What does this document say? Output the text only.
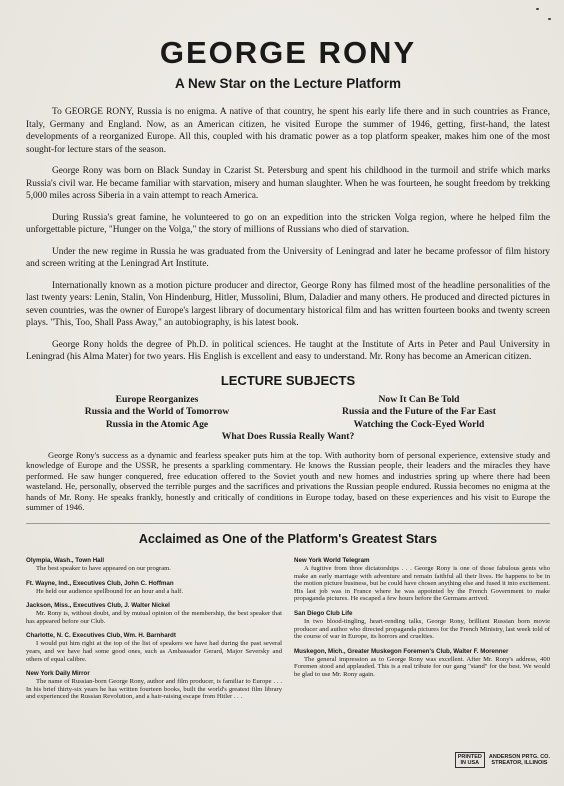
GEORGE RONY
A New Star on the Lecture Platform

To GEORGE RONY, Russia is no enigma. A native of that country, he spent his early life there and in such countries as France, Italy, Germany and England. Now, as an American citizen, he visited Europe the summer of 1946, getting, first-hand, the latest developments of a reorganized Europe. All this, coupled with his dramatic power as a top platform speaker, makes him one of the most sought-for lecture stars of the season.

George Rony was born on Black Sunday in Czarist St. Petersburg and spent his childhood in the turmoil and strife which marks Russia's civil war. He became familiar with starvation, misery and human slaughter. When he was fourteen, he sought freedom by trekking 5,000 miles across Siberia in a vain attempt to reach America.

During Russia's great famine, he volunteered to go on an expedition into the stricken Volga region, where he helped film the unforgettable picture, "Hunger on the Volga," the story of millions of Russians who died of starvation.

Under the new regime in Russia he was graduated from the University of Leningrad and later he became professor of film history and screen writing at the Leningrad Art Institute.

Internationally known as a motion picture producer and director, George Rony has filmed most of the headline personalities of the last twenty years: Lenin, Stalin, Von Hindenburg, Hitler, Mussolini, Blum, Daladier and many others. He produced and directed pictures in seven countries, was the owner of Europe's largest library of documentary historical film and has written fourteen books and twenty screen plays. "This, Too, Shall Pass Away," an autobiography, is his latest book.

George Rony holds the degree of Ph.D. in political sciences. He taught at the Institute of Arts in Peter and Paul University in Leningrad (his Alma Mater) for two years. His English is excellent and easy to understand. Mr. Rony has become an American citizen.

LECTURE SUBJECTS
Europe Reorganizes	Now It Can Be Told
Russia and the World of Tomorrow	Russia and the Future of the Far East
Russia in the Atomic Age	Watching the Cock-Eyed World
What Does Russia Really Want?

George Rony's success as a dynamic and fearless speaker puts him at the top. With authority born of personal experience, extensive study and knowledge of Europe and the USSR, he presents a sparkling commentary. He knows the Russian people, their leaders and the miracles they have performed. He saw hunger conquered, free education offered to the Soviet youth and new homes and industries spring up where there had been wasteland. He, personally, observed the terrible purges and the sacrifices and privations the Russian people endured. Russia becomes no enigma at the hands of Mr. Rony. He speaks frankly, honestly and critically of conditions in Europe today, based on these experiences and his visit to Europe the summer of 1946.

Acclaimed as One of the Platform's Greatest Stars
Olympia, Wash., Town Hall
The best speaker to have appeared on our program.
Ft. Wayne, Ind., Executives Club, John C. Hoffman
He held our audience spellbound for an hour and a half.
Jackson, Miss., Executives Club, J. Walter Nickel
Mr. Rony is, without doubt, and by mutual opinion of the membership, the best speaker that has appeared before our Club.
Charlotte, N. C. Executives Club, Wm. H. Barnhardt
I would put him right at the top of the list of speakers we have had during the past several years, and we have had some good ones, such as Ambassador Gerard, Major Seversky and others of equal calibre.
New York Daily Mirror
The name of Russian-born George Rony, author and film producer, is familiar to Europe . . . In his brief thirty-six years he has written fourteen books, built the world's greatest film library and experienced the Russian Revolution, and a hair-raising escape from Hitler . . .
New York World Telegram
A fugitive from three dictatorships . . . George Rony is one of those fabulous gents who make an early marriage with adventure and remain faithful all their lives. He happens to be in the motion picture business, but he could have chosen anything else and fused it into excitement. His last job was in France where he was appointed by the French Government to make propaganda pictures. He escaped a few hours before the Germans arrived.
San Diego Club Life
In two blood-tingling, heart-rending talks, George Rony, brilliant Russian born movie producer and author who directed propaganda pictures for the French Ministry, last week told of the course of war in Europe, its horrors and cruelties.
Muskegon, Mich., Greater Muskegon Foremen's Club, Walter F. Morenner
The general impression as to George Rony was excellent. After Mr. Rony's address, 400 Foremen stood and applauded. This is a real tribute for our gang "stand" for the best. We would be glad to use Mr. Rony again.
PRINTED
IN USA
ANDERSON PRTG. CO.
STREATOR, ILLINOIS
